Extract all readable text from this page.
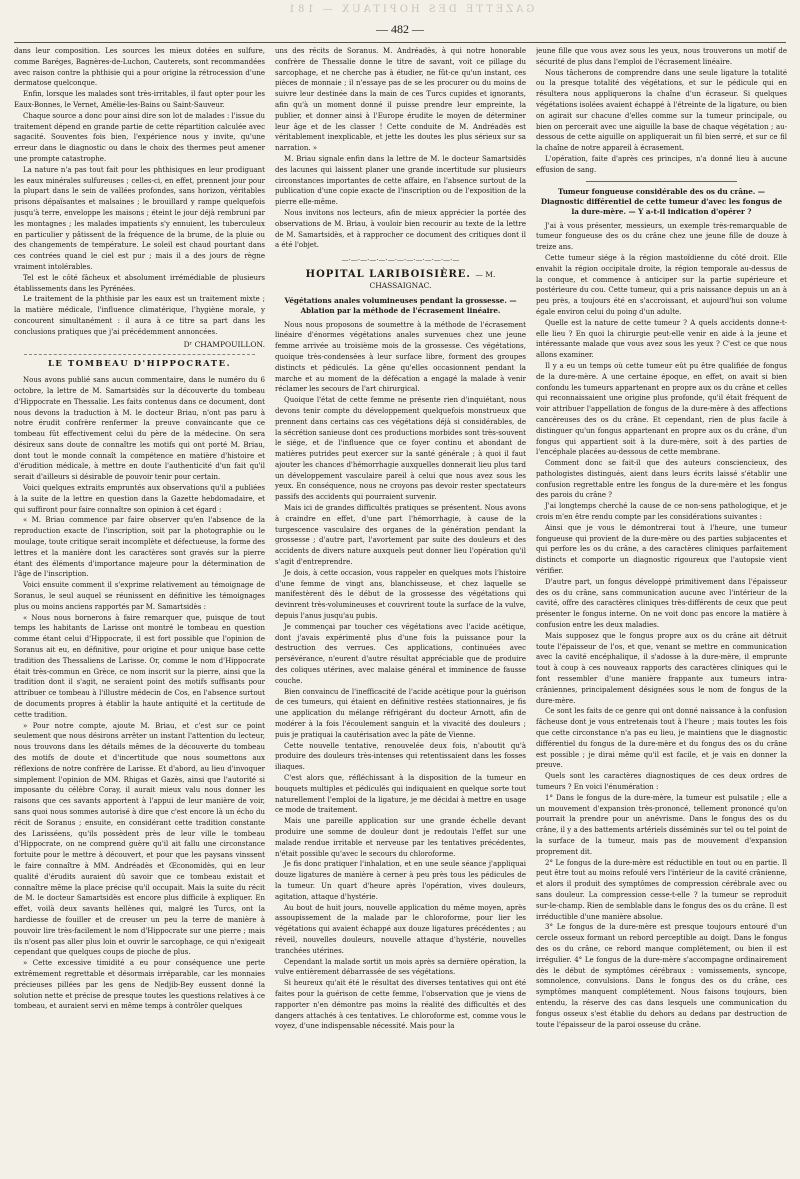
GAZETTE DES HOPITAUX — 181
— 482 —

dans leur composition. Les sources les mieux dotées en sulfure, comme Baréges, Bagnères-de-Luchon, Cauterets, sont recommandées avec raison contre la phthisie qui a pour origine la rétrocession d'une dermatose quelconque.

Enfin, lorsque les malades sont très-irritables, il faut opter pour les Eaux-Bonnes, le Vernet, Amélie-les-Bains ou Saint-Sauveur.

Chaque source a donc pour ainsi dire son lot de malades : l'issue du traitement dépend en grande partie de cette répartition calculée avec sagacité. Souventes fois bien, l'expérience nous y invite, qu'une erreur dans le diagnostic ou dans le choix des thermes peut amener une prompte catastrophe.

La nature n'a pas tout fait pour les phthisiques en leur prodiguant les eaux minérales sulfureuses ; celles-ci, en effet, prennent jour pour la plupart dans le sein de vallées profondes, sans horizon, véritables prisons dépaïsantes et malsaines ; le brouillard y rampe quelquefois jusqu'à terre, enveloppe les maisons ; éteint le jour déjà rembruni par les montagnes ; les malades impatients s'y ennuient, les tuberculeux en particulier y pâtissent de la fréquence de la brume, de la pluie ou des changements de température. Le soleil est chaud pourtant dans ces contrées quand le ciel est pur ; mais il a des jours de règne vraiment intolérables.

Tel est le côté fâcheux et absolument irrémédiable de plusieurs établissements dans les Pyrénées.

Le traitement de la phthisie par les eaux est un traitement mixte ; la matière médicale, l'influence climatérique, l'hygiène morale, y concourent simultanément : il aura à ce titre sa part dans les conclusions pratiques que j'ai précédemment annoncées.

Dʳ CHAMPOUILLON.
LE TOMBEAU D'HIPPOCRATE.

Nous avons publié sans aucun commentaire, dans le numéro du 6 octobre, la lettre de M. Samartsidès sur la découverte du tombeau d'Hippocrate en Thessalie. Les faits contenus dans ce document, dont nous devons la traduction à M. le docteur Briau, n'ont pas paru à notre érudit confrère renfermer la preuve convaincante que ce tombeau fût effectivement celui du père de la médecine. On sera désireux sans doute de connaître les motifs qui ont porté M. Briau, dont tout le monde connaît la compétence en matière d'histoire et d'érudition médicale, à mettre en doute l'authenticité d'un fait qu'il serait d'ailleurs si désirable de pouvoir tenir pour certain.

Voici quelques extraits empruntés aux observations qu'il a publiées à la suite de la lettre en question dans la Gazette hebdomadaire, et qui suffiront pour faire connaître son opinion à cet égard :

« M. Briau commence par faire observer qu'en l'absence de la reproduction exacte de l'inscription, soit par la photographie ou le moulage, toute critique serait incomplète et défectueuse, la forme des lettres et la manière dont les caractères sont gravés sur la pierre étant des éléments d'importance majeure pour la détermination de l'âge de l'inscription.

Voici ensuite comment il s'exprime relativement au témoignage de Soranus, le seul auquel se réunissent en définitive les témoignages plus ou moins anciens rapportés par M. Samartsidès :

« Nous nous bornerons à faire remarquer que, puisque de tout temps les habitants de Larisse ont montré le tombeau en question comme étant celui d'Hippocrate, il est fort possible que l'opinion de Soranus ait eu, en définitive, pour origine et pour unique base cette tradition des Thessaliens de Larisse. Or, comme le nom d'Hippocrate était très-commun en Grèce, ce nom inscrit sur la pierre, ainsi que la tradition dont il s'agit, ne seraient point des motifs suffisants pour attribuer ce tombeau à l'illustre médecin de Cos, en l'absence surtout de documents propres à établir la haute antiquité et la certitude de cette tradition.

» Pour notre compte, ajoute M. Briau, et c'est sur ce point seulement que nous désirons arrêter un instant l'attention du lecteur, nous trouvons dans les détails mêmes de la découverte du tombeau des motifs de doute et d'incertitude que nous soumettons aux réflexions de notre confrère de Larisse. Et d'abord, au lieu d'invoquer simplement l'opinion de MM. Rhigas et Gazès, ainsi que l'autorité si imposante du célèbre Coray, il aurait mieux valu nous donner les raisons que ces savants apportent à l'appui de leur manière de voir, sans quoi nous sommes autorisé à dire que c'est encore là un écho du récit de Soranus ; ensuite, en considérant cette tradition constante des Larisséens, qu'ils possèdent près de leur ville le tombeau d'Hippocrate, on ne comprend guère qu'il ait fallu une circonstance fortuite pour le mettre à découvert, et pour que les paysans vinssent le faire connaître à MM. Andréadès et Œconomidès, qui en leur qualité d'érudits auraient dû savoir que ce tombeau existait et connaître même la place précise qu'il occupait. Mais la suite du récit de M. le docteur Samartsidès est encore plus difficile à expliquer. En effet, voilà deux savants hellènes qui, malgré les Turcs, ont la hardiesse de fouiller et de creuser un peu la terre de manière à pouvoir lire très-facilement le nom d'Hippocrate sur une pierre ; mais ils n'osent pas aller plus loin et ouvrir le sarcophage, ce qui n'exigeait cependant que quelques coups de pioche de plus.

» Cette excessive timidité a eu pour conséquence une perte extrêmement regrettable et désormais irréparable, car les monnaies précieuses pillées par les gens de Nedjib-Bey eussent donné la solution nette et précise de presque toutes les questions relatives à ce tombeau, et auraient servi en même temps à contrôler quelques

uns des récits de Soranus. M. Andréadès, à qui notre honorable confrère de Thessalie donne le titre de savant, voit ce pillage du sarcophage, et ne cherche pas à étudier, ne fût-ce qu'un instant, ces pièces de monnaie ; il n'essaye pas de se les procurer ou du moins de suivre leur destinée dans la main de ces Turcs cupides et ignorants, afin qu'à un moment donné il puisse prendre leur empreinte, la publier, et donner ainsi à l'Europe érudite le moyen de déterminer leur âge et de les classer ! Cette conduite de M. Andréadès est véritablement inexplicable, et jette les doutes les plus sérieux sur sa narration. »

M. Briau signale enfin dans la lettre de M. le docteur Samartsidès des lacunes qui laissent planer une grande incertitude sur plusieurs circonstances importantes de cette affaire, en l'absence surtout de la publication d'une copie exacte de l'inscription ou de l'exposition de la pierre elle-même.

Nous invitons nos lecteurs, afin de mieux apprécier la portée des observations de M. Briau, à vouloir bien recourir au texte de la lettre de M. Samartsidès, et à rapprocher ce document des critiques dont il a été l'objet.

—·—·—·—·—·—·—·—·—·—·—·—·—
HOPITAL LARIBOISIÈRE. — M. CHASSAIGNAC.
Végétations anales volumineuses pendant la grossesse. — Ablation par la méthode de l'écrasement linéaire.

Nous nous proposons de soumettre à la méthode de l'écrasement linéaire d'énormes végétations anales survenues chez une jeune femme arrivée au troisième mois de la grossesse. Ces végétations, quoique très-condensées à leur surface libre, forment des groupes distincts et pédiculés. La gêne qu'elles occasionnent pendant la marche et au moment de la défécation a engagé la malade à venir réclamer les secours de l'art chirurgical.

Quoique l'état de cette femme ne présente rien d'inquiétant, nous devons tenir compte du développement quelquefois monstrueux que prennent dans certains cas ces végétations déjà si considérables, de la sécrétion sanieuse dont ces productions morbides sont très-souvent le siége, et de l'influence que ce foyer continu et abondant de matières putrides peut exercer sur la santé générale ; à quoi il faut ajouter les chances d'hémorrhagie auxquelles donnerait lieu plus tard un développement vasculaire pareil à celui que nous avez sous les yeux. En conséquence, nous ne croyons pas devoir rester spectateurs passifs des accidents qui pourraient survenir.

Mais ici de grandes difficultés pratiques se présentent. Nous avons à craindre en effet, d'une part l'hémorrhagie, à cause de la turgescence vasculaire des organes de la génération pendant la grossesse ; d'autre part, l'avortement par suite des douleurs et des accidents de divers nature auxquels peut donner lieu l'opération qu'il s'agit d'entreprendre.

Je dois, à cette occasion, vous rappeler en quelques mots l'histoire d'une femme de vingt ans, blanchisseuse, et chez laquelle se manifestèrent dès le début de la grossesse des végétations qui devinrent très-volumineuses et couvrirent toute la surface de la vulve, depuis l'anus jusqu'au pubis.

Je commençai par toucher ces végétations avec l'acide acétique, dont j'avais expérimenté plus d'une fois la puissance pour la destruction des verrues. Ces applications, continuées avec persévérance, n'eurent d'autre résultat appréciable que de produire des coliques utérines, avec malaise général et imminence de fausse couche.

Bien convaincu de l'inefficacité de l'acide acétique pour la guérison de ces tumeurs, qui étaient en définitive restées stationnaires, je fis une application du mélange réfrigérant du docteur Arnott, afin de modérer à la fois l'écoulement sanguin et la vivacité des douleurs ; puis je pratiquai la cautérisation avec la pâte de Vienne.

Cette nouvelle tentative, renouvelée deux fois, n'aboutit qu'à produire des douleurs très-intenses qui retentissaient dans les fosses iliaques.

C'est alors que, réfléchissant à la disposition de la tumeur en bouquets multiples et pédiculés qui indiquaient en quelque sorte tout naturellement l'emploi de la ligature, je me décidai à mettre en usage ce mode de traitement.

Mais une pareille application sur une grande échelle devant produire une somme de douleur dont je redoutais l'effet sur une malade rendue irritable et nerveuse par les tentatives précédentes, n'était possible qu'avec le secours du chloroforme.

Je fis donc pratiquer l'inhalation, et en une seule séance j'appliquai douze ligatures de manière à cerner à peu près tous les pédicules de la tumeur. Un quart d'heure après l'opération, vives douleurs, agitation, attaque d'hystérie.

Au bout de huit jours, nouvelle application du même moyen, après assoupissement de la malade par le chloroforme, pour lier les végétations qui avaient échappé aux douze ligatures précédentes ; au réveil, nouvelles douleurs, nouvelle attaque d'hystérie, nouvelles tranchées utérines.

Cependant la malade sortit un mois après sa dernière opération, la vulve entièrement débarrassée de ses végétations.

Si heureux qu'ait été le résultat des diverses tentatives qui ont été faites pour la guérison de cette femme, l'observation que je viens de rapporter n'en démontre pas moins la réalité des difficultés et des dangers attachés à ces tentatives. Le chloroforme est, comme vous le voyez, d'une indispensable nécessité. Mais pour la

jeune fille que vous avez sous les yeux, nous trouverons un motif de sécurité de plus dans l'emploi de l'écrasement linéaire.

Nous tâcherons de comprendre dans une seule ligature la totalité ou la presque totalité des végétations, et sur le pédicule qui en résultera nous appliquerons la chaîne d'un écraseur. Si quelques végétations isolées avaient échappé à l'étreinte de la ligature, ou bien on agirait sur chacune d'elles comme sur la tumeur principale, ou bien on percerait avec une aiguille la base de chaque végétation ; au-dessous de cette aiguille on appliquerait un fil bien serré, et sur ce fil la chaîne de notre appareil à écrasement.

L'opération, faite d'après ces principes, n'a donné lieu à aucune effusion de sang.

Tumeur fongueuse considérable des os du crâne. — Diagnostic différentiel de cette tumeur d'avec les fongus de la dure-mère. — Y a-t-il indication d'opérer ?

J'ai à vous présenter, messieurs, un exemple très-remarquable de tumeur fongueuse des os du crâne chez une jeune fille de douze à treize ans.

Cette tumeur siége à la région mastoïdienne du côté droit. Elle envahit la région occipitale droite, la région temporale au-dessus de la conque, et commence à anticiper sur la partie supérieure et postérieure du cou. Cette tumeur, qui a pris naissance depuis un an à peu près, a toujours été en s'accroissant, et aujourd'hui son volume égale environ celui du poing d'un adulte.

Quelle est la nature de cette tumeur ? A quels accidents donne-t-elle lieu ? En quoi la chirurgie peut-elle venir en aide à la jeune et intéressante malade que vous avez sous les yeux ? C'est ce que nous allons examiner.

Il y a eu un temps où cette tumeur eût pu être qualifiée de fongus de la dure-mère. A une certaine époque, en effet, on avait si bien confondu les tumeurs appartenant en propre aux os du crâne et celles qui reconnaissaient une origine plus profonde, qu'il était fréquent de voir attribuer l'appellation de fongus de la dure-mère à des affections cancéreuses des os du crâne. Et cependant, rien de plus facile à distinguer qu'un fongus appartenant en propre aux os du crâne, d'un fongus qui appartient soit à la dure-mère, soit à des parties de l'encéphale placées au-dessous de cette membrane.

Comment donc se fait-il que des auteurs consciencieux, des pathologistes distingués, aient dans leurs écrits laissé s'établir une confusion regrettable entre les fongus de la dure-mère et les fongus des parois du crâne ?

J'ai longtemps cherché la cause de ce non-sens pathologique, et je crois m'en être rendu compte par les considérations suivantes :

Ainsi que je vous le démontrerai tout à l'heure, une tumeur fongueuse qui provient de la dure-mère ou des parties subjacentes et qui perfore les os du crâne, a des caractères cliniques parfaitement distincts et comporte un diagnostic rigoureux que l'autopsie vient vérifier.

D'autre part, un fongus développé primitivement dans l'épaisseur des os du crâne, sans communication aucune avec l'intérieur de la cavité, offre des caractères cliniques très-différents de ceux que peut présenter le fongus interne. On ne voit donc pas encore la matière à confusion entre les deux maladies.

Mais supposez que le fongus propre aux os du crâne ait détruit toute l'épaisseur de l'os, et que, venant se mettre en communication avec la cavité encéphalique, il s'adosse à la dure-mère, il emprunte tout à coup à ces nouveaux rapports des caractères cliniques qui le font ressembler d'une manière frappante aux tumeurs intra-crâniennes, principalement désignées sous le nom de fongus de la dure-mère.

Ce sont les faits de ce genre qui ont donné naissance à la confusion fâcheuse dont je vous entretenais tout à l'heure ; mais toutes les fois que cette circonstance n'a pas eu lieu, je maintiens que le diagnostic différentiel du fongus de la dure-mère et du fongus des os du crâne est possible ; je dirai même qu'il est facile, et je vais en donner la preuve.

Quels sont les caractères diagnostiques de ces deux ordres de tumeurs ? En voici l'énumération :

1° Dans le fongus de la dure-mère, la tumeur est pulsatile ; elle a un mouvement d'expansion très-prononcé, tellement prononcé qu'on pourrait la prendre pour un anévrisme. Dans le fongus des os du crâne, il y a des battements artériels disséminés sur tel ou tel point de la surface de la tumeur, mais pas de mouvement d'expansion proprement dit.

2° Le fongus de la dure-mère est réductible en tout ou en partie. Il peut être tout au moins refoulé vers l'intérieur de la cavité crânienne, et alors il produit des symptômes de compression cérébrale avec ou sans douleur. La compression cesse-t-elle ? la tumeur se reproduit sur-le-champ. Rien de semblable dans le fongus des os du crâne. Il est irréductible d'une manière absolue.

3° Le fongus de la dure-mère est presque toujours entouré d'un cercle osseux formant un rebord perceptible au doigt. Dans le fongus des os du crâne, ce rebord manque complétement, ou bien il est irrégulier. 4° Le fongus de la dure-mère s'accompagne ordinairement dès le début de symptômes cérébraux : vomissements, syncope, somnolence, convulsions. Dans le fongus des os du crâne, ces symptômes manquent complétement. Nous faisons toujours, bien entendu, la réserve des cas dans lesquels une communication du fongus osseux s'est établie du dehors au dedans par destruction de toute l'épaisseur de la paroi osseuse du crâne.
